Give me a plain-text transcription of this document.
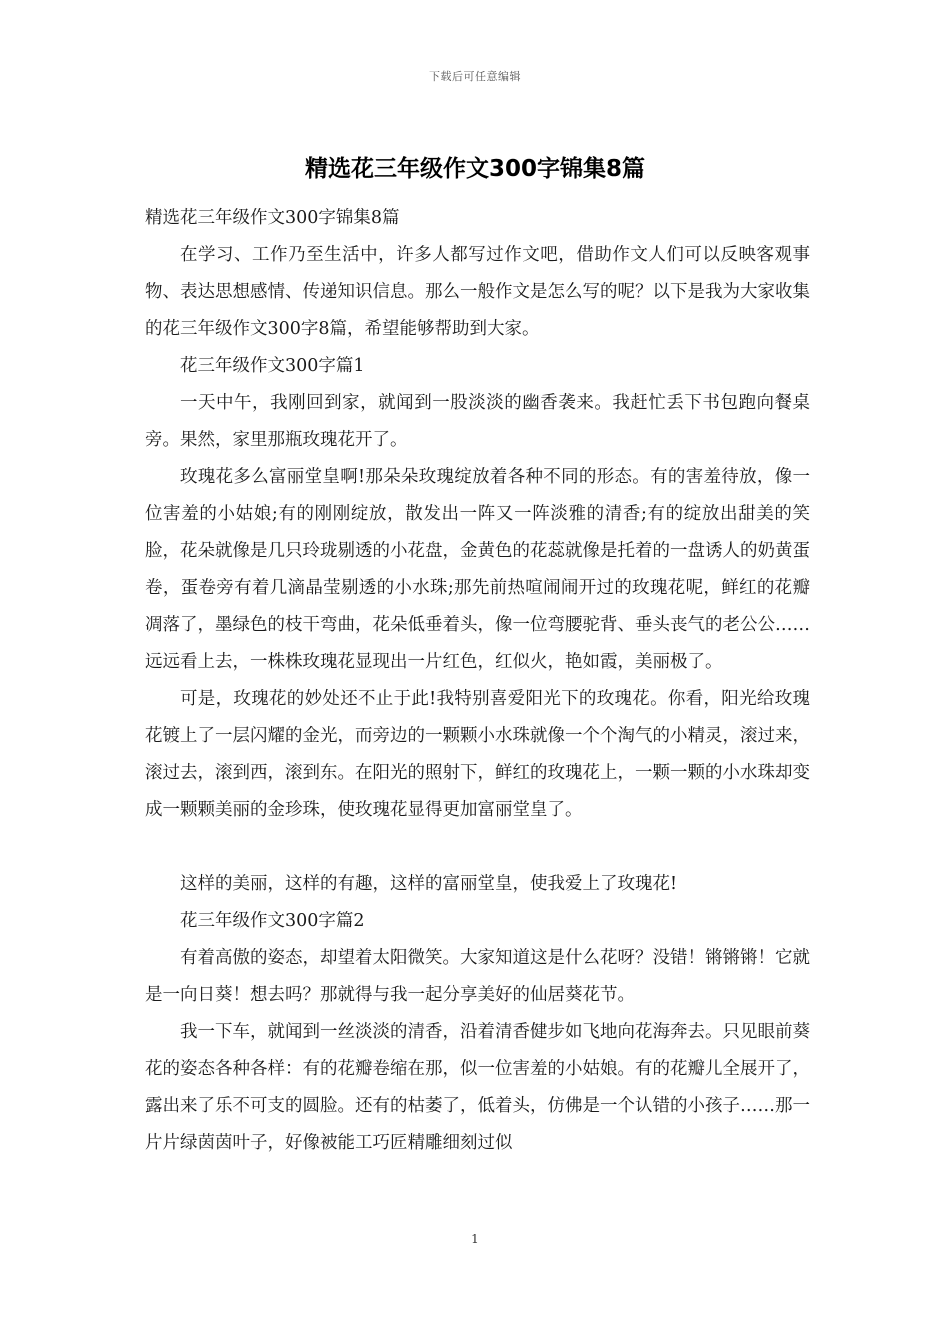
下载后可任意编辑
精选花三年级作文300字锦集8篇

精选花三年级作文300字锦集8篇

在学习、工作乃至生活中，许多人都写过作文吧，借助作文人们可以反映客观事物、表达思想感情、传递知识信息。那么一般作文是怎么写的呢？以下是我为大家收集的花三年级作文300字8篇，希望能够帮助到大家。

花三年级作文300字篇1

一天中午，我刚回到家，就闻到一股淡淡的幽香袭来。我赶忙丢下书包跑向餐桌旁。果然，家里那瓶玫瑰花开了。

玫瑰花多么富丽堂皇啊!那朵朵玫瑰绽放着各种不同的形态。有的害羞待放，像一位害羞的小姑娘;有的刚刚绽放，散发出一阵又一阵淡雅的清香;有的绽放出甜美的笑脸，花朵就像是几只玲珑剔透的小花盘，金黄色的花蕊就像是托着的一盘诱人的奶黄蛋卷，蛋卷旁有着几滴晶莹剔透的小水珠;那先前热喧闹闹开过的玫瑰花呢，鲜红的花瓣凋落了，墨绿色的枝干弯曲，花朵低垂着头，像一位弯腰驼背、垂头丧气的老公公……远远看上去，一株株玫瑰花显现出一片红色，红似火，艳如霞，美丽极了。

可是，玫瑰花的妙处还不止于此!我特别喜爱阳光下的玫瑰花。你看，阳光给玫瑰花镀上了一层闪耀的金光，而旁边的一颗颗小水珠就像一个个淘气的小精灵，滚过来，滚过去，滚到西，滚到东。在阳光的照射下，鲜红的玫瑰花上，一颗一颗的小水珠却变成一颗颗美丽的金珍珠，使玫瑰花显得更加富丽堂皇了。

这样的美丽，这样的有趣，这样的富丽堂皇，使我爱上了玫瑰花!

花三年级作文300字篇2

有着高傲的姿态，却望着太阳微笑。大家知道这是什么花呀？没错！锵锵锵！它就是一向日葵！想去吗？那就得与我一起分享美好的仙居葵花节。

我一下车，就闻到一丝淡淡的清香，沿着清香健步如飞地向花海奔去。只见眼前葵花的姿态各种各样：有的花瓣卷缩在那，似一位害羞的小姑娘。有的花瓣儿全展开了，露出来了乐不可支的圆脸。还有的枯萎了，低着头，仿佛是一个认错的小孩子……那一片片绿茵茵叶子，好像被能工巧匠精雕细刻过似

1
